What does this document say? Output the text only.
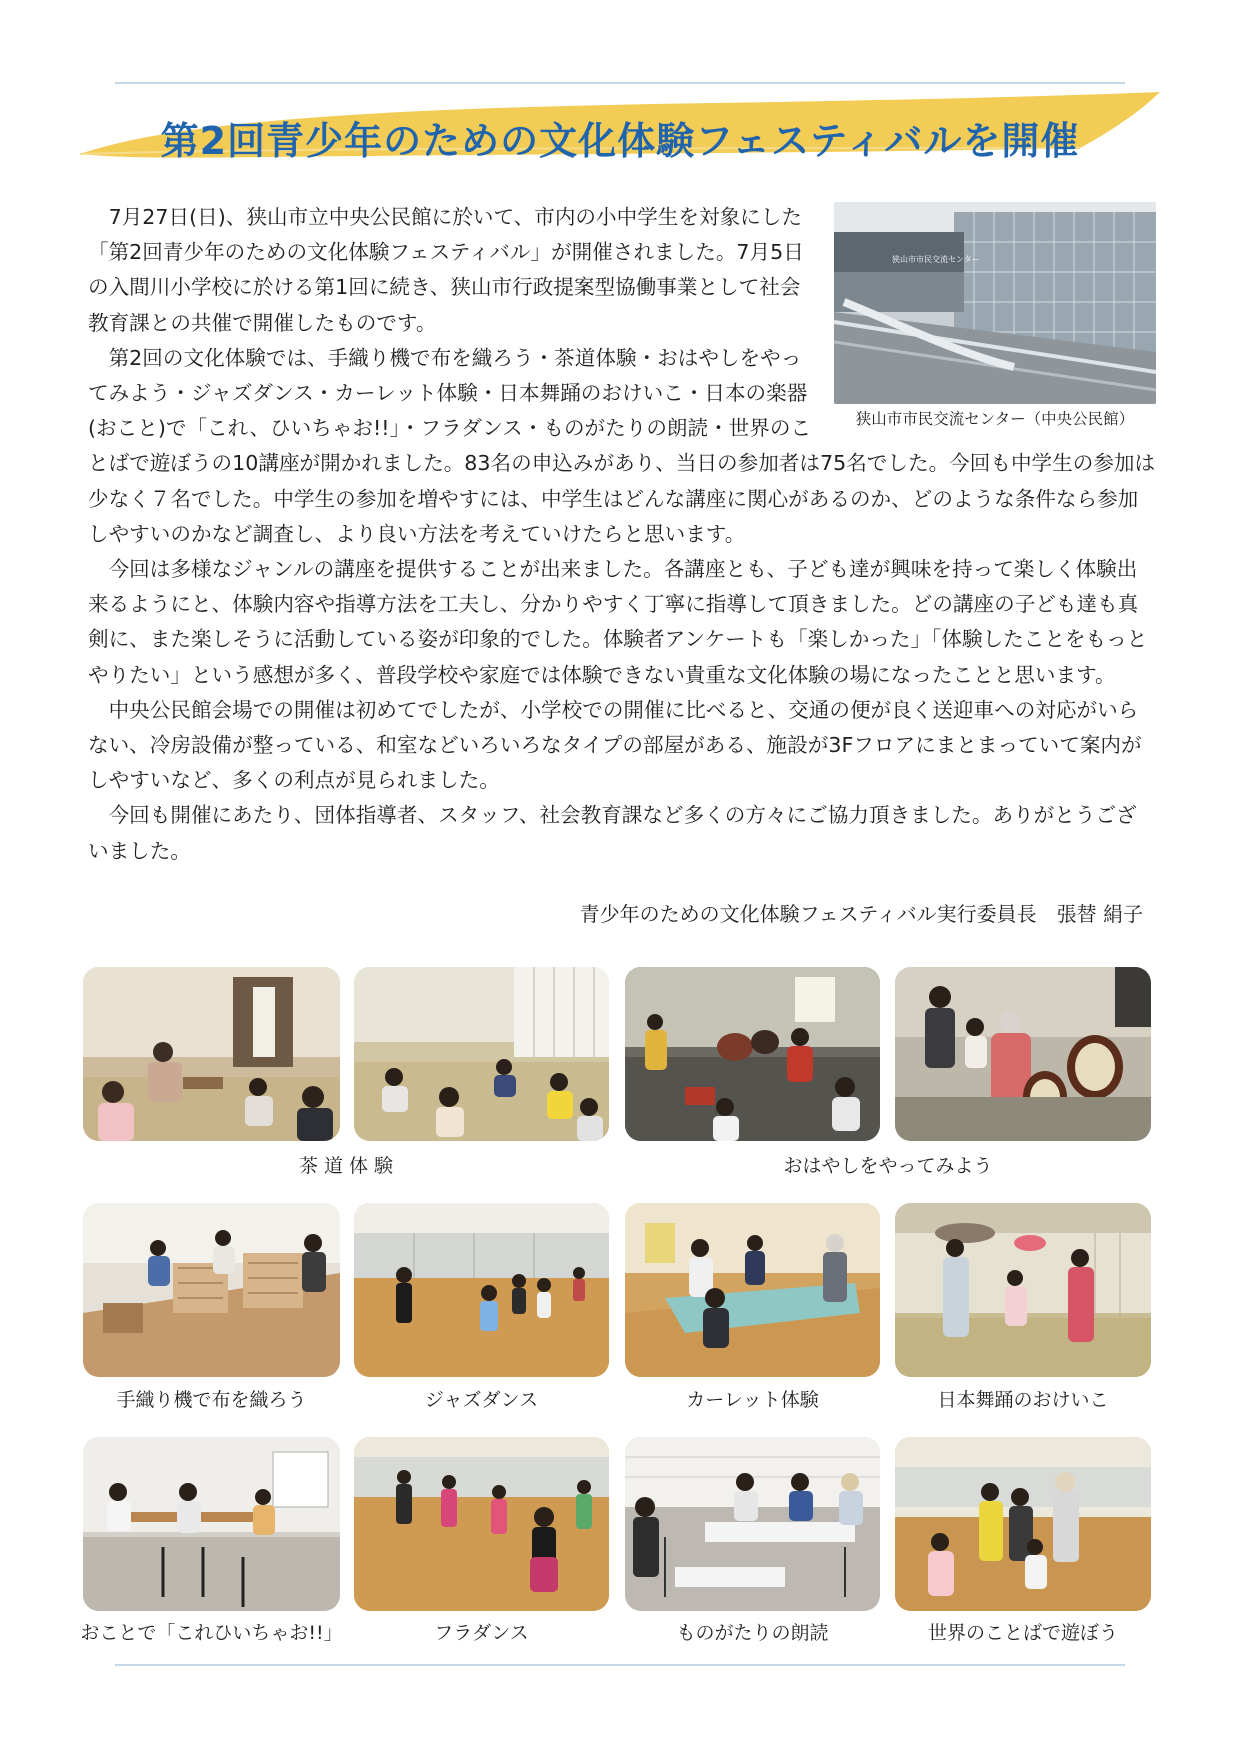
第2回青少年のための文化体験フェスティバルを開催
狭山市市民交流センター
狭山市市民交流センター（中央公民館）

7月27日(日)、狭山市立中央公民館に於いて、市内の小中学生を対象にした「第2回青少年のための文化体験フェスティバル」が開催されました。7月5日の入間川小学校に於ける第1回に続き、狭山市行政提案型協働事業として社会教育課との共催で開催したものです。

第2回の文化体験では、手織り機で布を織ろう・茶道体験・おはやしをやってみよう・ジャズダンス・カーレット体験・日本舞踊のおけいこ・日本の楽器(おこと)で「これ、ひいちゃお!!」・フラダンス・ものがたりの朗読・世界のことばで遊ぼうの10講座が開かれました。83名の申込みがあり、当日の参加者は75名でした。今回も中学生の参加は少なく７名でした。中学生の参加を増やすには、中学生はどんな講座に関心があるのか、どのような条件なら参加しやすいのかなど調査し、より良い方法を考えていけたらと思います。

今回は多様なジャンルの講座を提供することが出来ました。各講座とも、子ども達が興味を持って楽しく体験出来るようにと、体験内容や指導方法を工夫し、分かりやすく丁寧に指導して頂きました。どの講座の子ども達も真剣に、また楽しそうに活動している姿が印象的でした。体験者アンケートも「楽しかった」「体験したことをもっとやりたい」という感想が多く、普段学校や家庭では体験できない貴重な文化体験の場になったことと思います。

中央公民館会場での開催は初めてでしたが、小学校での開催に比べると、交通の便が良く送迎車への対応がいらない、冷房設備が整っている、和室などいろいろなタイプの部屋がある、施設が3Fフロアにまとまっていて案内がしやすいなど、多くの利点が見られました。

今回も開催にあたり、団体指導者、スタッフ、社会教育課など多くの方々にご協力頂きました。ありがとうございました。

青少年のための文化体験フェスティバル実行委員長　張替 絹子
茶 道 体 験	おはやしをやってみよう
手織り機で布を織ろう	ジャズダンス	カーレット体験	日本舞踊のおけいこ
おことで「これひいちゃお!!」	フラダンス	ものがたりの朗読	世界のことばで遊ぼう
